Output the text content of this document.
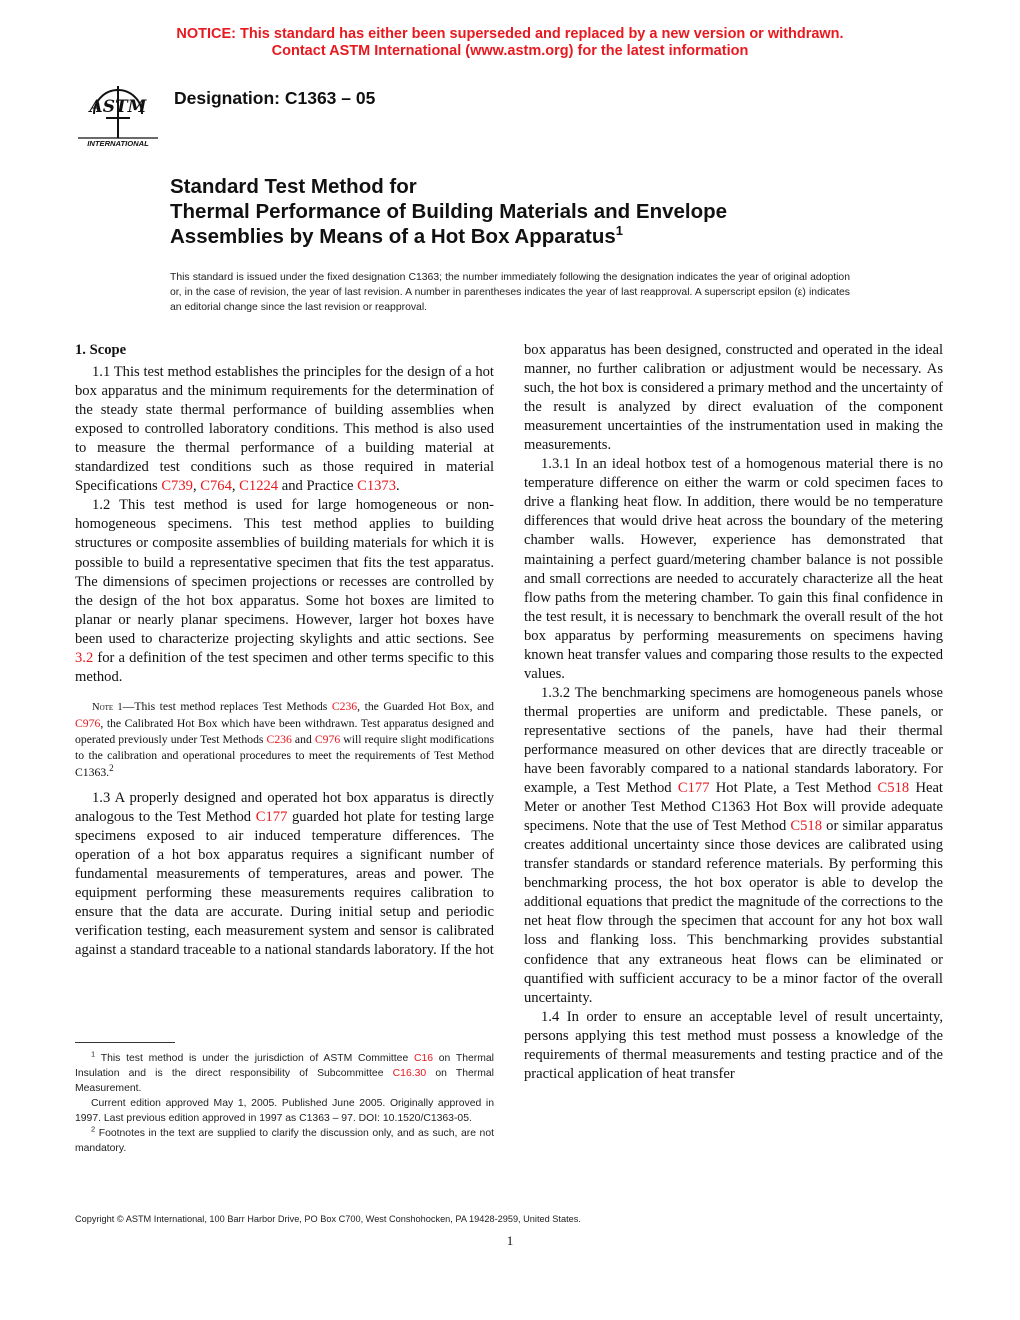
NOTICE: This standard has either been superseded and replaced by a new version or withdrawn.
Contact ASTM International (www.astm.org) for the latest information
ASTM
INTERNATIONAL
Designation: C1363 – 05
Standard Test Method for
Thermal Performance of Building Materials and Envelope
Assemblies by Means of a Hot Box Apparatus$^1$
This standard is issued under the fixed designation C1363; the number immediately following the designation indicates the year of original adoption or, in the case of revision, the year of last revision. A number in parentheses indicates the year of last reapproval. A superscript epsilon (ε) indicates an editorial change since the last revision or reapproval.
1. Scope

1.1 This test method establishes the principles for the design of a hot box apparatus and the minimum requirements for the determination of the steady state thermal performance of building assemblies when exposed to controlled laboratory conditions. This method is also used to measure the thermal performance of a building material at standardized test conditions such as those required in material Specifications C739, C764, C1224 and Practice C1373.

1.2 This test method is used for large homogeneous or non-homogeneous specimens. This test method applies to building structures or composite assemblies of building materials for which it is possible to build a representative specimen that fits the test apparatus. The dimensions of specimen projections or recesses are controlled by the design of the hot box apparatus. Some hot boxes are limited to planar or nearly planar specimens. However, larger hot boxes have been used to characterize projecting skylights and attic sections. See 3.2 for a definition of the test specimen and other terms specific to this method.

Note 1—This test method replaces Test Methods C236, the Guarded Hot Box, and C976, the Calibrated Hot Box which have been withdrawn. Test apparatus designed and operated previously under Test Methods C236 and C976 will require slight modifications to the calibration and operational procedures to meet the requirements of Test Method C1363.$^2$

1.3 A properly designed and operated hot box apparatus is directly analogous to the Test Method C177 guarded hot plate for testing large specimens exposed to air induced temperature differences. The operation of a hot box apparatus requires a significant number of fundamental measurements of temperatures, areas and power. The equipment performing these measurements requires calibration to ensure that the data are accurate. During initial setup and periodic verification testing, each measurement system and sensor is calibrated against a standard traceable to a national standards laboratory. If the hot

box apparatus has been designed, constructed and operated in the ideal manner, no further calibration or adjustment would be necessary. As such, the hot box is considered a primary method and the uncertainty of the result is analyzed by direct evaluation of the component measurement uncertainties of the instrumentation used in making the measurements.

1.3.1 In an ideal hotbox test of a homogenous material there is no temperature difference on either the warm or cold specimen faces to drive a flanking heat flow. In addition, there would be no temperature differences that would drive heat across the boundary of the metering chamber walls. However, experience has demonstrated that maintaining a perfect guard/metering chamber balance is not possible and small corrections are needed to accurately characterize all the heat flow paths from the metering chamber. To gain this final confidence in the test result, it is necessary to benchmark the overall result of the hot box apparatus by performing measurements on specimens having known heat transfer values and comparing those results to the expected values.

1.3.2 The benchmarking specimens are homogeneous panels whose thermal properties are uniform and predictable. These panels, or representative sections of the panels, have had their thermal performance measured on other devices that are directly traceable or have been favorably compared to a national standards laboratory. For example, a Test Method C177 Hot Plate, a Test Method C518 Heat Meter or another Test Method C1363 Hot Box will provide adequate specimens. Note that the use of Test Method C518 or similar apparatus creates additional uncertainty since those devices are calibrated using transfer standards or standard reference materials. By performing this benchmarking process, the hot box operator is able to develop the additional equations that predict the magnitude of the corrections to the net heat flow through the specimen that account for any hot box wall loss and flanking loss. This benchmarking provides substantial confidence that any extraneous heat flows can be eliminated or quantified with sufficient accuracy to be a minor factor of the overall uncertainty.

1.4 In order to ensure an acceptable level of result uncertainty, persons applying this test method must possess a knowledge of the requirements of thermal measurements and testing practice and of the practical application of heat transfer

$^1$ This test method is under the jurisdiction of ASTM Committee C16 on Thermal Insulation and is the direct responsibility of Subcommittee C16.30 on Thermal Measurement.

Current edition approved May 1, 2005. Published June 2005. Originally approved in 1997. Last previous edition approved in 1997 as C1363 – 97. DOI: 10.1520/C1363-05.

$^2$ Footnotes in the text are supplied to clarify the discussion only, and as such, are not mandatory.

Copyright © ASTM International, 100 Barr Harbor Drive, PO Box C700, West Conshohocken, PA 19428-2959, United States.
1
